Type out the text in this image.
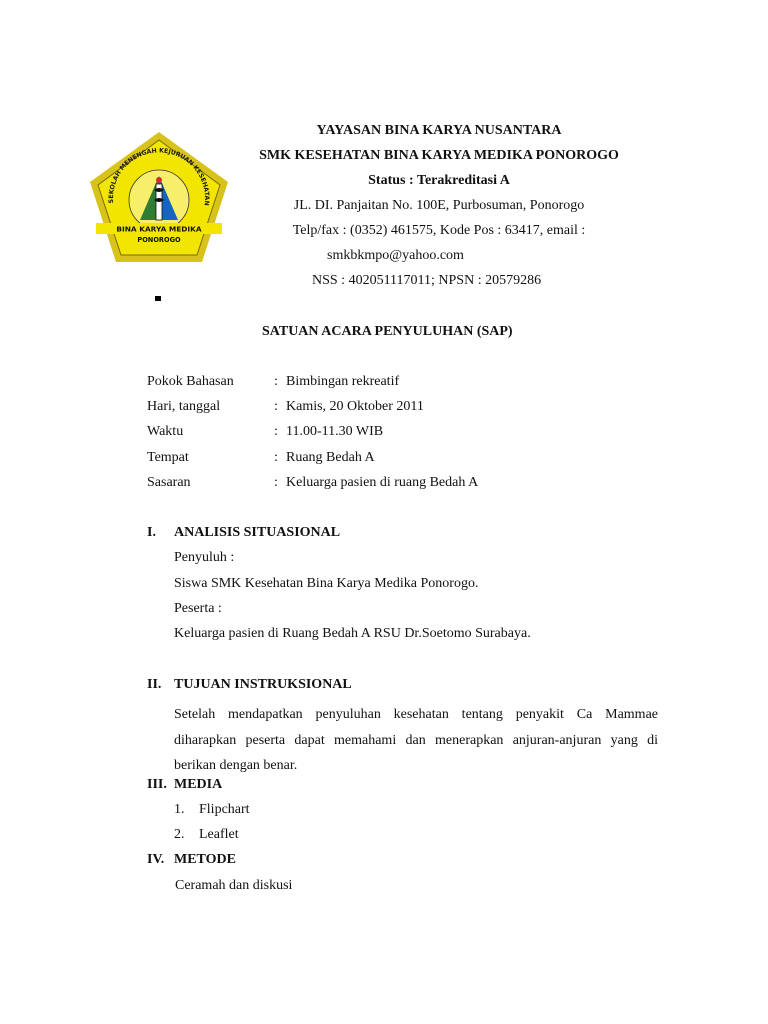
SEKOLAH MENENGAH KEJURUAN KESEHATAN
BINA KARYA MEDIKA
PONOROGO
YAYASAN BINA KARYA NUSANTARA
SMK KESEHATAN BINA KARYA MEDIKA PONOROGO
Status : Terakreditasi A
JL. DI. Panjaitan No. 100E, Purbosuman, Ponorogo
Telp/fax : (0352) 461575, Kode Pos : 63417, email :
smkbkmpo@yahoo.com
NSS : 402051117011; NPSN : 20579286
SATUAN ACARA PENYULUHAN (SAP)
Pokok Bahasan	: Bimbingan rekreatif
Hari, tanggal	: Kamis, 20 Oktober 2011
Waktu	: 11.00-11.30 WIB
Tempat	: Ruang Bedah A
Sasaran	: Keluarga pasien di ruang Bedah A
I. ANALISIS SITUASIONAL
Penyuluh :
Siswa SMK Kesehatan Bina Karya Medika Ponorogo.
Peserta :
Keluarga pasien di Ruang Bedah A RSU Dr.Soetomo Surabaya.
II. TUJUAN INSTRUKSIONAL
Setelah mendapatkan penyuluhan kesehatan tentang penyakit Ca Mammae
diharapkan peserta dapat memahami dan menerapkan anjuran-anjuran yang di
berikan dengan benar.
III. MEDIA
1. Flipchart
2. Leaflet
IV. METODE
Ceramah dan diskusi
